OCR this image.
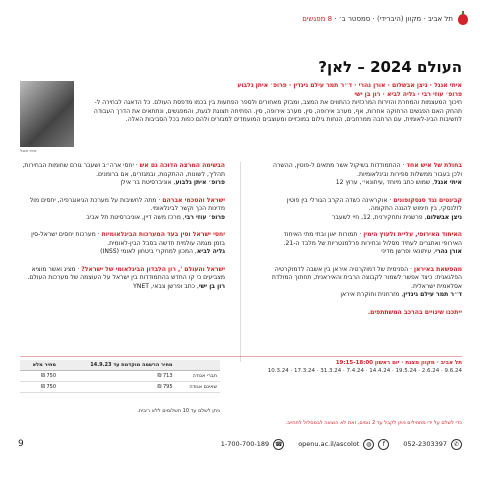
תל אביב · מקוון (היברידי) · סמסטר ב׳ · 8 מפגשים
העולם 2024 – לאן?
איתי אנגל
איתי אנגל · ניצן אבשלום · אורן נהרי · ד״ר תמר עילם גינדין · פרופ׳ איתן גלבוע
פרופ׳ עוזי רבי · גליה לביא · רון בן ישי
חיכוך המעצמות והמחרת והזירות המרכזיות כהתווים את המצב, ומבזק מאחורים ולספר הפתעות בין בכמו מדפסת העולם. כל הדאגה לבחירה ל- תהחק האם הפגשים הרחוקה אחרות, אף, מערב אירופה, סין, מערב אירופה, סין. הפתיחה תצוגת לגעת, והמפגשים, ונתתאים את הדרך העבודה לחשיבות הבינ-לאומית, עם הרחבה ממרחבים, הנחות גילום במוכזיים ומעוצבים המועמדים למגזרים ולהם כפות בכל הסביבות האלה.
בחולת של איש אחד · ההתמודדות בשיקול אשר מתאים ל-פוטין, ההשרה ולכן בעבור ממשלות ספירות ובינלאומיות.
איתי אנגל, שמוש כתב מיוחד ,עיתונאי׳, ערוץ 12
קבינטים נגד סנסקופונים · אוקראינה כשדה הקרב הגורלי בין פוטין לזלנסקי, בין חימוש להגנה התקומה.
ניצן אבשלום, פרשנית ותחקירנית, 12, חיי לשעבר
האיחוד האירופי, עליית ולעוץ הימין · תמורות יאון ובתי מתי האיחוד האירופי ואתגרים לעתיד מסלול ובחירות פרלמנטריות של מלבד ה-21.
אורן נהרי, עיתונאי ופרשן מדיני
מהפשאת באיראן · הפנימית של דמוקרטיה איראן בין אשבה לדמוקרטיה הפלגאנית: כיצד אפשר לשמור לקבוצה הרבית והאיראנית, תחתוך המולדת אסלאמית ישראלית.
ד״ר תמר עילם גינדין, מזרחנית וחוקרת איראן
ייתכנו שינויים בהרכב המשתתפים.
הבשימה המרצה הדוכה גם אש · יחסי ארה״ב ושעבר גורם שחומות הבחירות, תהליך, לשונות, ההתקנות, ובמגזרים, אם ברומנים.
פרופ׳ איתן גלבוע, אוניברסיטת בר אילן
ישראל והסכמי אברהם · מתה לחשיבות על מערכת הגיאוגרפיה, יחסים מול מדינות הכך וקשר לבינלאומי.
פרופ׳ עוזי רבי, מרכז משה דיין, אוניברסיטת תל אביב
יחסי ישראל וסין בעד המערכות הבינלאומיות · מערכות יחסים ישראל-סין בזמן מגמה עולמית חדשה בסבל הבין-לאומית.
גליה לביא, המכון למחקרי ביטחון לאומי (INSS)
ישראל והעולם ', רון הלבדון הבינלאומי של ישראל? · מציג ואשר מוציא מצביעים כי קו החדש בהתמודדות בין ישראל על העוצמה של מערכות העולם.
רון בן ישי, כתב ופרשן צבאי, YNET
תל אביב · מקוון מצגת · יום ראשון 19:15-18:00
9.6.24 · 2.6.24 · 19.5.24 · 14.4.24 · 7.4.24 · 31.3.24 · 17.3.24 · 10.3.24
	מחיר הרשמה מוקדמת עד 14.9.23	מחיר מלא
חברי אגודה	713 ₪	750 ₪
שאינם אגודה	795 ₪	750 ₪
ניתן לשלם עד 10 תשלומים ללא ריבית.
כדי לשלם על ידי מתחילים ניתן לקבל עד 2 נוסים, זאת לא הוצאה לבמסלול לתחייב.
9	1-700-700-189 ☎ openu.ac.il/ascolot	◍	f	052-2303397	✆
